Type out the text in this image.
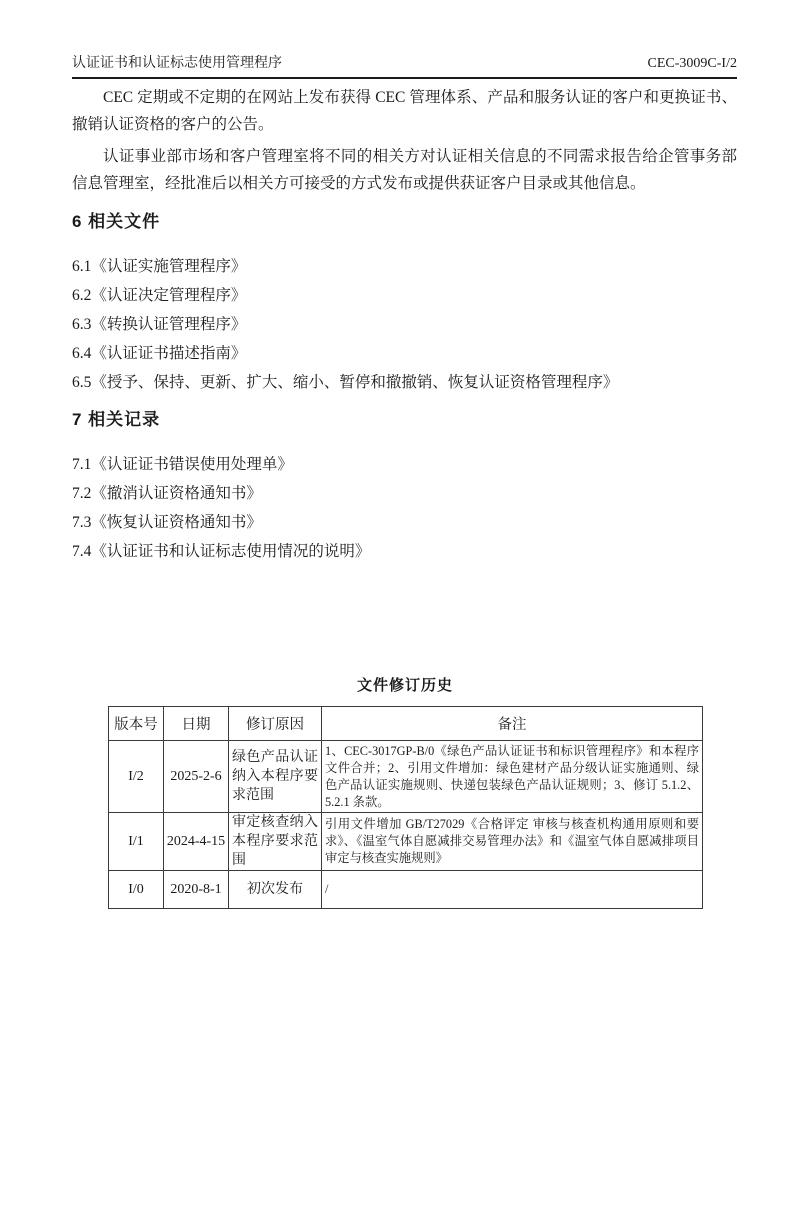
认证证书和认证标志使用管理程序	CEC-3009C-I/2

CEC 定期或不定期的在网站上发布获得 CEC 管理体系、产品和服务认证的客户和更换证书、撤销认证资格的客户的公告。

认证事业部市场和客户管理室将不同的相关方对认证相关信息的不同需求报告给企管事务部信息管理室，经批准后以相关方可接受的方式发布或提供获证客户目录或其他信息。

6 相关文件

6.1《认证实施管理程序》

6.2《认证决定管理程序》

6.3《转换认证管理程序》

6.4《认证证书描述指南》

6.5《授予、保持、更新、扩大、缩小、暂停和撤撤销、恢复认证资格管理程序》

7 相关记录

7.1《认证证书错误使用处理单》

7.2《撤消认证资格通知书》

7.3《恢复认证资格通知书》

7.4《认证证书和认证标志使用情况的说明》

文件修订历史
版本号	日期	修订原因	备注
I/2	2025-2-6	绿色产品认证纳入本程序要求范围	1、CEC-3017GP-B/0《绿色产品认证证书和标识管理程序》和本程序文件合并；2、引用文件增加：绿色建材产品分级认证实施通则、绿色产品认证实施规则、快递包装绿色产品认证规则；3、修订 5.1.2、5.2.1 条款。
I/1	2024-4-15	审定核查纳入本程序要求范围	引用文件增加 GB/T27029《合格评定 审核与核查机构通用原则和要求》、《温室气体自愿减排交易管理办法》和《温室气体自愿减排项目审定与核查实施规则》
I/0	2020-8-1	初次发布	/
